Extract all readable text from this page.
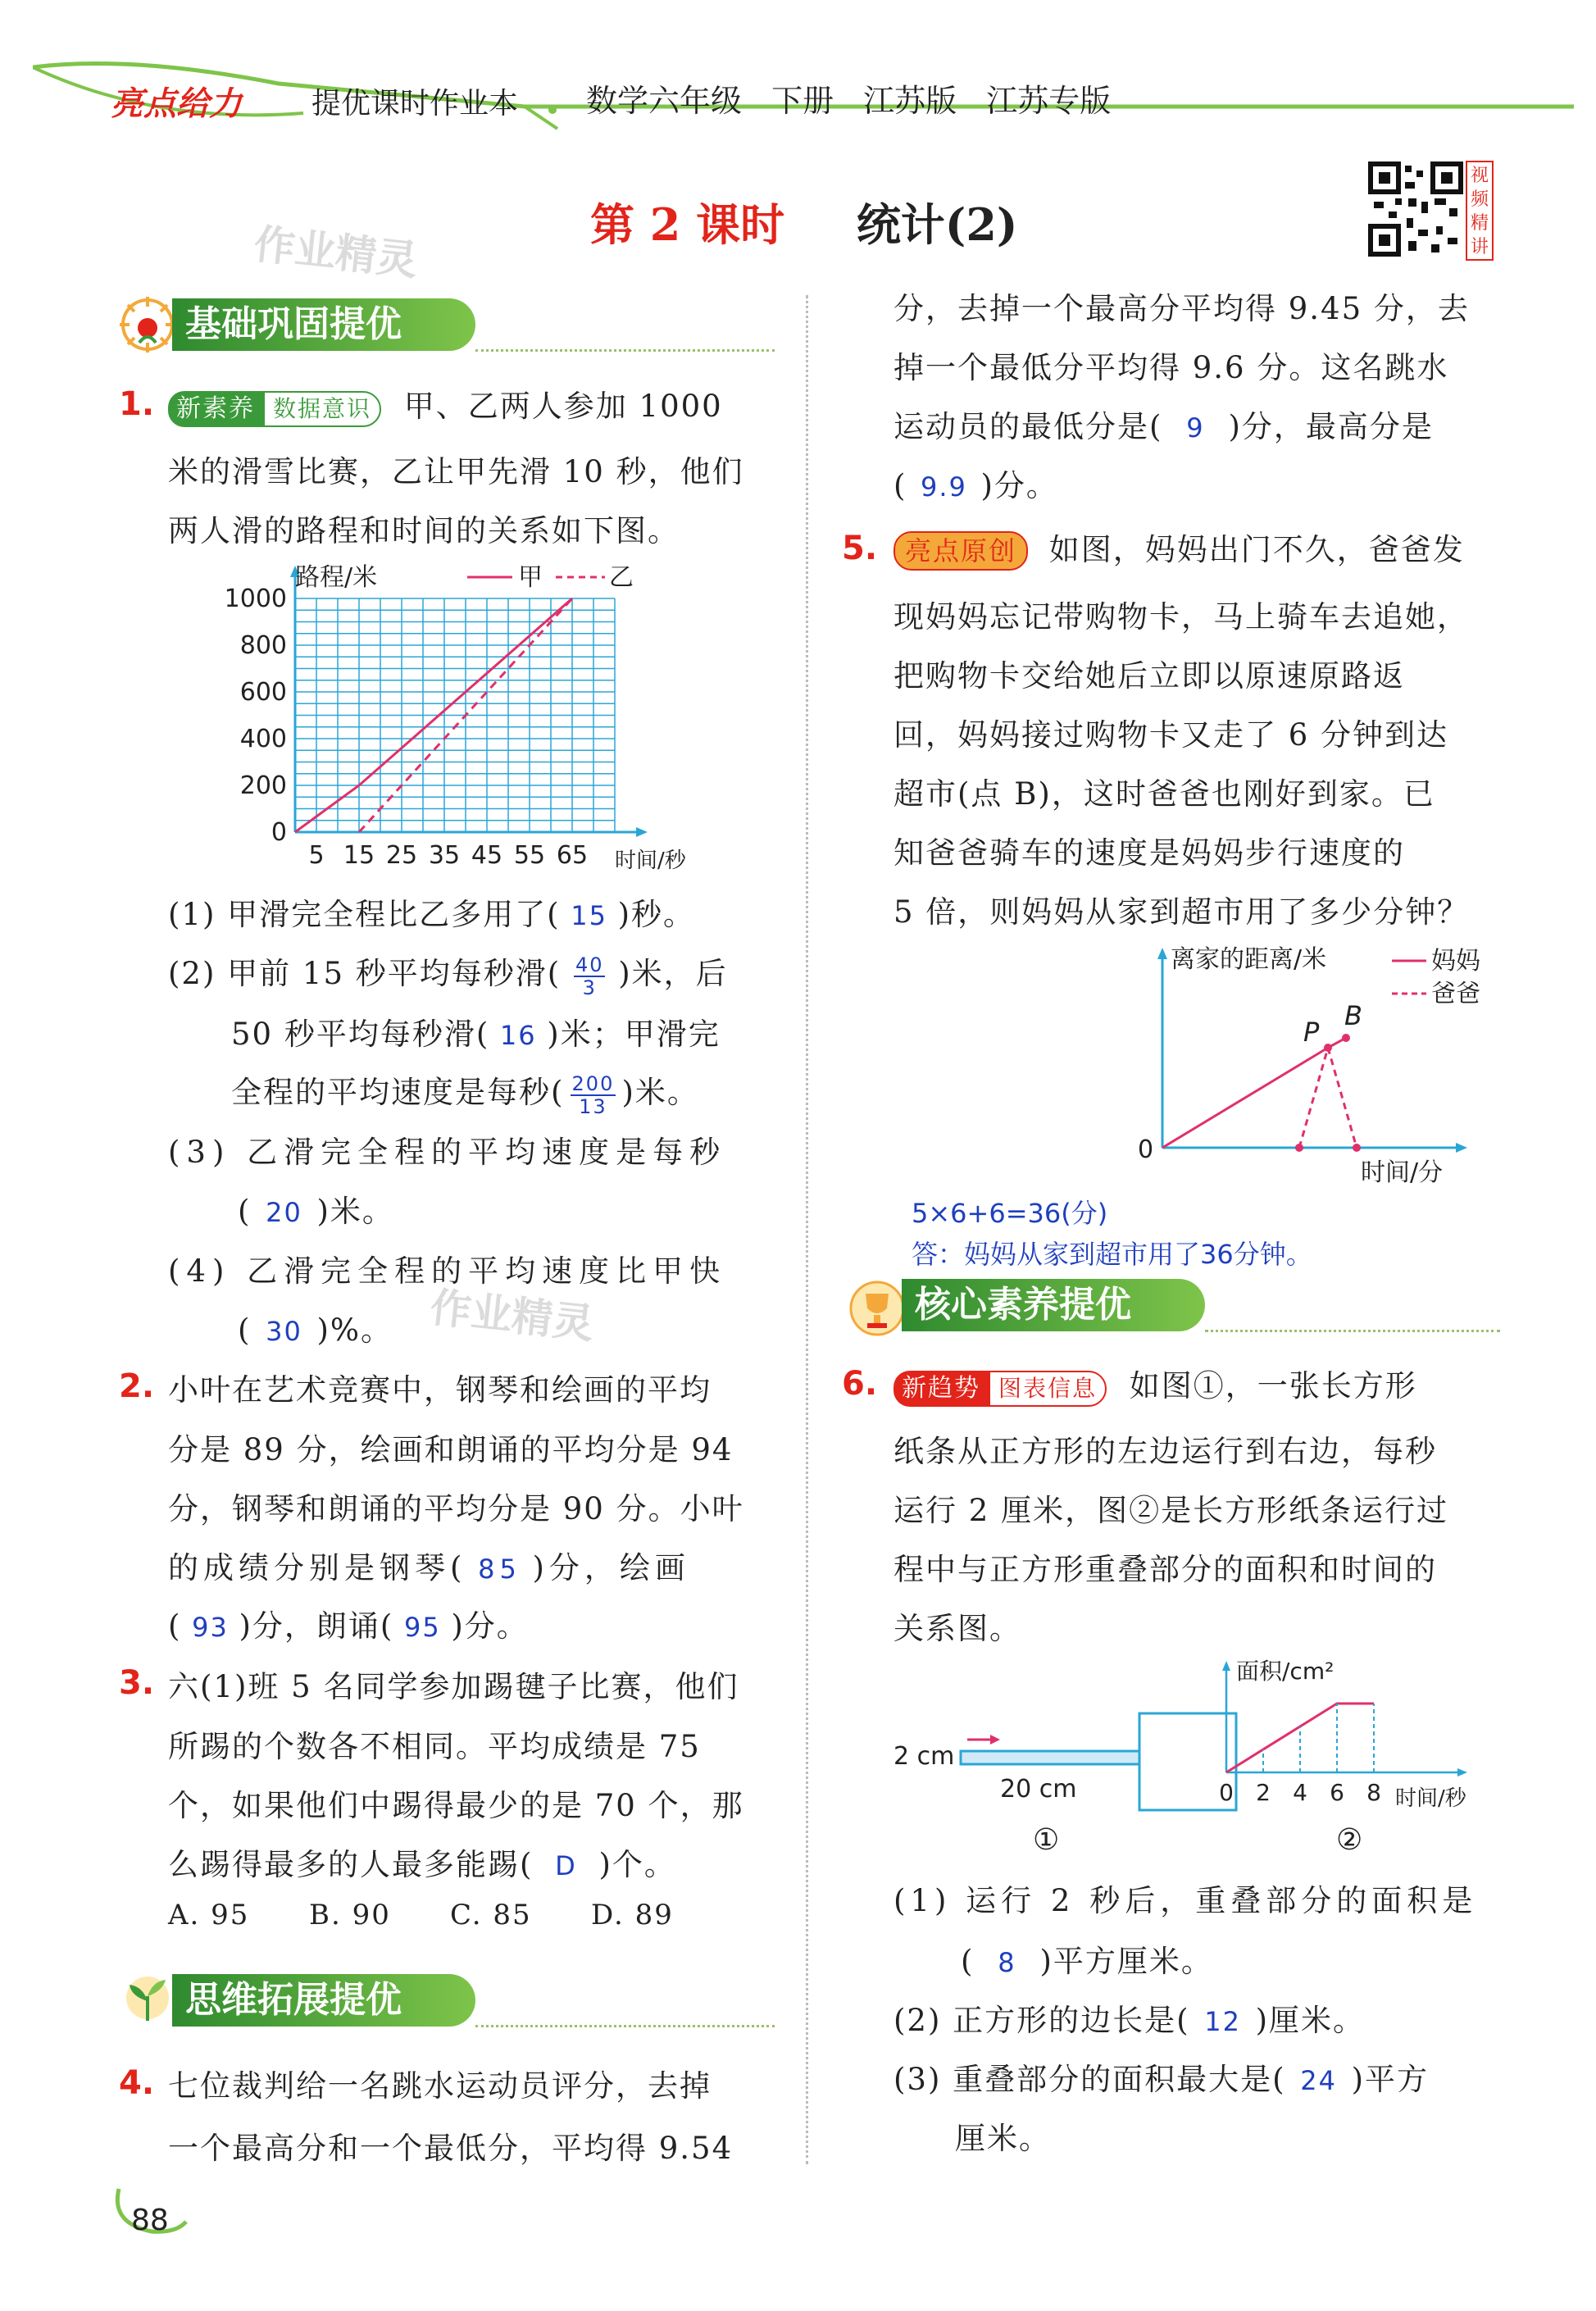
亮点给力 提优课时作业本 数学六年级 下册 江苏版 江苏专版
第 2 课时 统计(2)
视频精讲
作业精灵
作业精灵
基础巩固提优
1. 新素养 数据意识 甲、乙两人参加 1000
米的滑雪比赛，乙让甲先滑 10 秒，他们
两人滑的路程和时间的关系如下图。
5 15 25 35 45 55 65
0
200
400
600
800
1000
路程/米
时间/秒
甲	乙
(1) 甲滑完全程比乙多用了( 15 )秒。
(2) 甲前 15 秒平均每秒滑( $\frac{40}{3}$ )米，后
50 秒平均每秒滑( 16 )米；甲滑完
全程的平均速度是每秒( $\frac{200}{13}$ )米。
(3) 乙滑完全程的平均速度是每秒
( 20 )米。
(4) 乙滑完全程的平均速度比甲快
( 30 )%。
2. 小叶在艺术竞赛中，钢琴和绘画的平均
分是 89 分，绘画和朗诵的平均分是 94
分，钢琴和朗诵的平均分是 90 分。小叶
的成绩分别是钢琴( 85 )分，绘画
( 93 )分，朗诵( 95 )分。
3. 六(1)班 5 名同学参加踢毽子比赛，他们
所踢的个数各不相同。平均成绩是 75
个，如果他们中踢得最少的是 70 个，那
么踢得最多的人最多能踢( D )个。
A. 95 B. 90 C. 85 D. 89
思维拓展提优
4. 七位裁判给一名跳水运动员评分，去掉
一个最高分和一个最低分，平均得 9.54
分，去掉一个最高分平均得 9.45 分，去
掉一个最低分平均得 9.6 分。这名跳水
运动员的最低分是( 9 )分，最高分是
( 9.9 )分。
5.	亮点原创 如图，妈妈出门不久，爸爸发
现妈妈忘记带购物卡，马上骑车去追她，
把购物卡交给她后立即以原速原路返
回，妈妈接过购物卡又走了 6 分钟到达
超市(点 B)，这时爸爸也刚好到家。已
知爸爸骑车的速度是妈妈步行速度的
5 倍，则妈妈从家到超市用了多少分钟？
离家的距离/米	妈妈
爸爸
P
B
0
时间/分
5×6+6=36(分)
答：妈妈从家到超市用了36分钟。
核心素养提优
6. 新趋势 图表信息 如图①，一张长方形
纸条从正方形的左边运行到右边，每秒
运行 2 厘米，图②是长方形纸条运行过
程中与正方形重叠部分的面积和时间的
关系图。
2 cm
20 cm
①
0 2 4 6 8
面积/cm²
时间/秒
②
(1) 运行 2 秒后，重叠部分的面积是
( 8 )平方厘米。
(2) 正方形的边长是( 12 )厘米。
(3) 重叠部分的面积最大是( 24 )平方
厘米。
88
